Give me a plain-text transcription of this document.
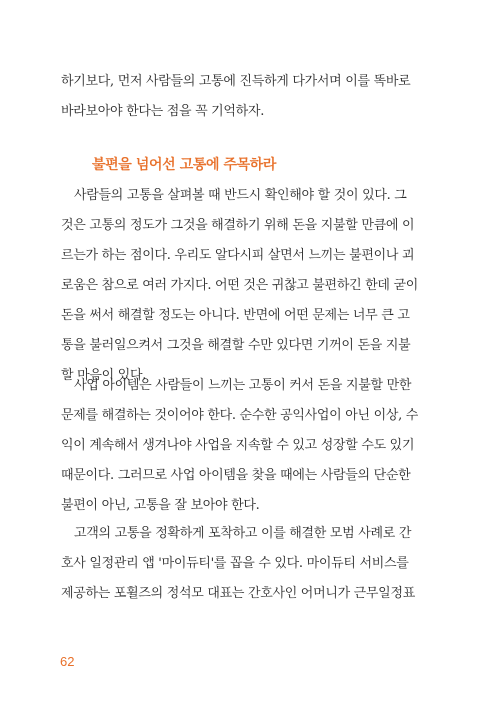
하기보다, 먼저 사람들의 고통에 진득하게 다가서며 이를 똑바로
바라보아야 한다는 점을 꼭 기억하자.
불편을 넘어선 고통에 주목하라
사람들의 고통을 살펴볼 때 반드시 확인해야 할 것이 있다. 그
것은 고통의 정도가 그것을 해결하기 위해 돈을 지불할 만큼에 이
르는가 하는 점이다. 우리도 알다시피 살면서 느끼는 불편이나 괴
로움은 참으로 여러 가지다. 어떤 것은 귀찮고 불편하긴 한데 굳이
돈을 써서 해결할 정도는 아니다. 반면에 어떤 문제는 너무 큰 고
통을 불러일으켜서 그것을 해결할 수만 있다면 기꺼이 돈을 지불
할 마음이 있다.
사업 아이템은 사람들이 느끼는 고통이 커서 돈을 지불할 만한
문제를 해결하는 것이어야 한다. 순수한 공익사업이 아닌 이상, 수
익이 계속해서 생겨나야 사업을 지속할 수 있고 성장할 수도 있기
때문이다. 그러므로 사업 아이템을 찾을 때에는 사람들의 단순한
불편이 아닌, 고통을 잘 보아야 한다.
고객의 고통을 정확하게 포착하고 이를 해결한 모범 사례로 간
호사 일정관리 앱 '마이듀티'를 꼽을 수 있다. 마이듀티 서비스를
제공하는 포휠즈의 정석모 대표는 간호사인 어머니가 근무일정표
62
